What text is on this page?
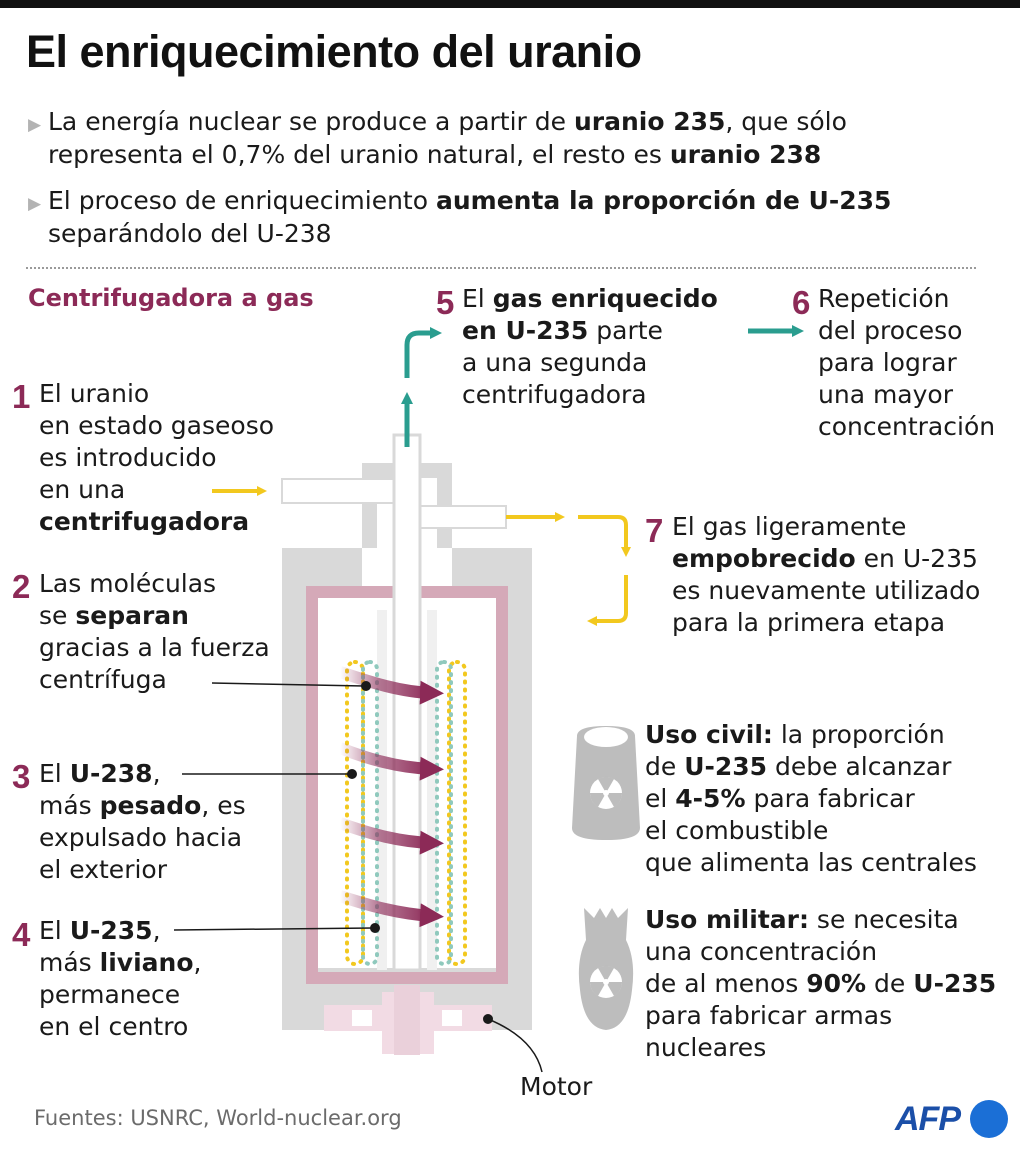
El enriquecimiento del uranio
▶ La energía nuclear se produce a partir de uranio 235, que sólo
representa el 0,7% del uranio natural, el resto es uranio 238
▶ El proceso de enriquecimiento aumenta la proporción de U-235
separándolo del U-238
Centrifugadora a gas
1 El uranio
en estado gaseoso
es introducido
en una
centrifugadora
2 Las moléculas
se separan
gracias a la fuerza
centrífuga
3 El U-238,
más pesado, es
expulsado hacia
el exterior
4 El U-235,
más liviano,
permanece
en el centro
5 El gas enriquecido
en U-235 parte
a una segunda
centrifugadora
6 Repetición
del proceso
para lograr
una mayor
concentración
7 El gas ligeramente
empobrecido en U-235
es nuevamente utilizado
para la primera etapa
Uso civil: la proporción
de U-235 debe alcanzar
el 4-5% para fabricar
el combustible
que alimenta las centrales
Uso militar: se necesita
una concentración
de al menos 90% de U-235
para fabricar armas
nucleares
Motor
Fuentes: USNRC, World-nuclear.org	AFP
